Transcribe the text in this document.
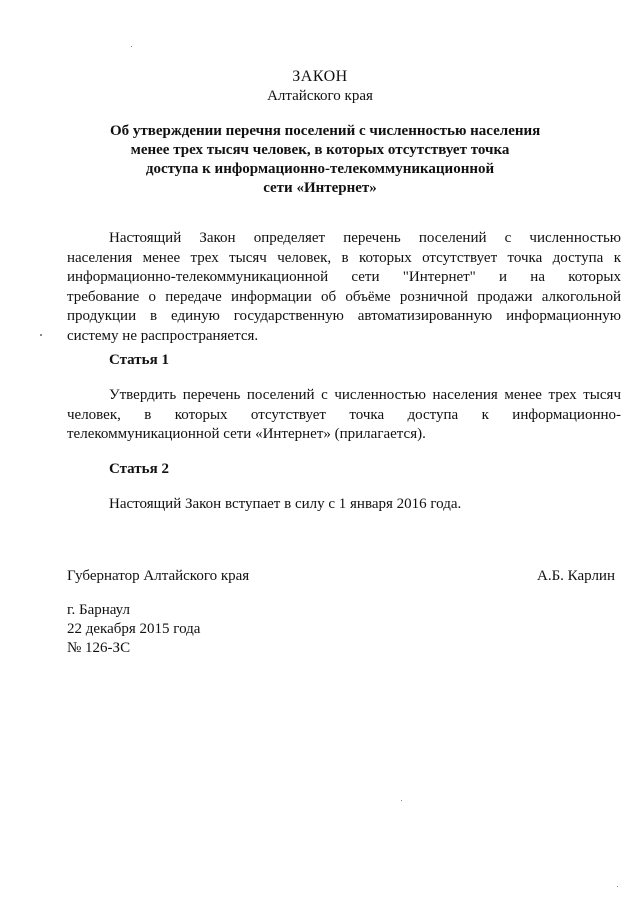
ЗАКОН
Алтайского края
Об утверждении перечня поселений с численностью населения
менее трех тысяч человек, в которых отсутствует точка
доступа к информационно-телекоммуникационной
сети «Интернет»
Настоящий Закон определяет перечень поселений с численностью
населения менее трех тысяч человек, в которых отсутствует точка доступа к
информационно-телекоммуникационной сети "Интернет" и на которых
требование о передаче информации об объёме розничной продажи алкогольной
продукции в единую государственную автоматизированную информационную
систему не распространяется.
Статья 1
Утвердить перечень поселений с численностью населения менее трех тысяч
человек, в которых отсутствует точка доступа к информационно-
телекоммуникационной сети «Интернет» (прилагается).
Статья 2
Настоящий Закон вступает в силу с 1 января 2016 года.
Губернатор Алтайского края	А.Б. Карлин
г. Барнаул
22 декабря 2015 года
№ 126-ЗС
